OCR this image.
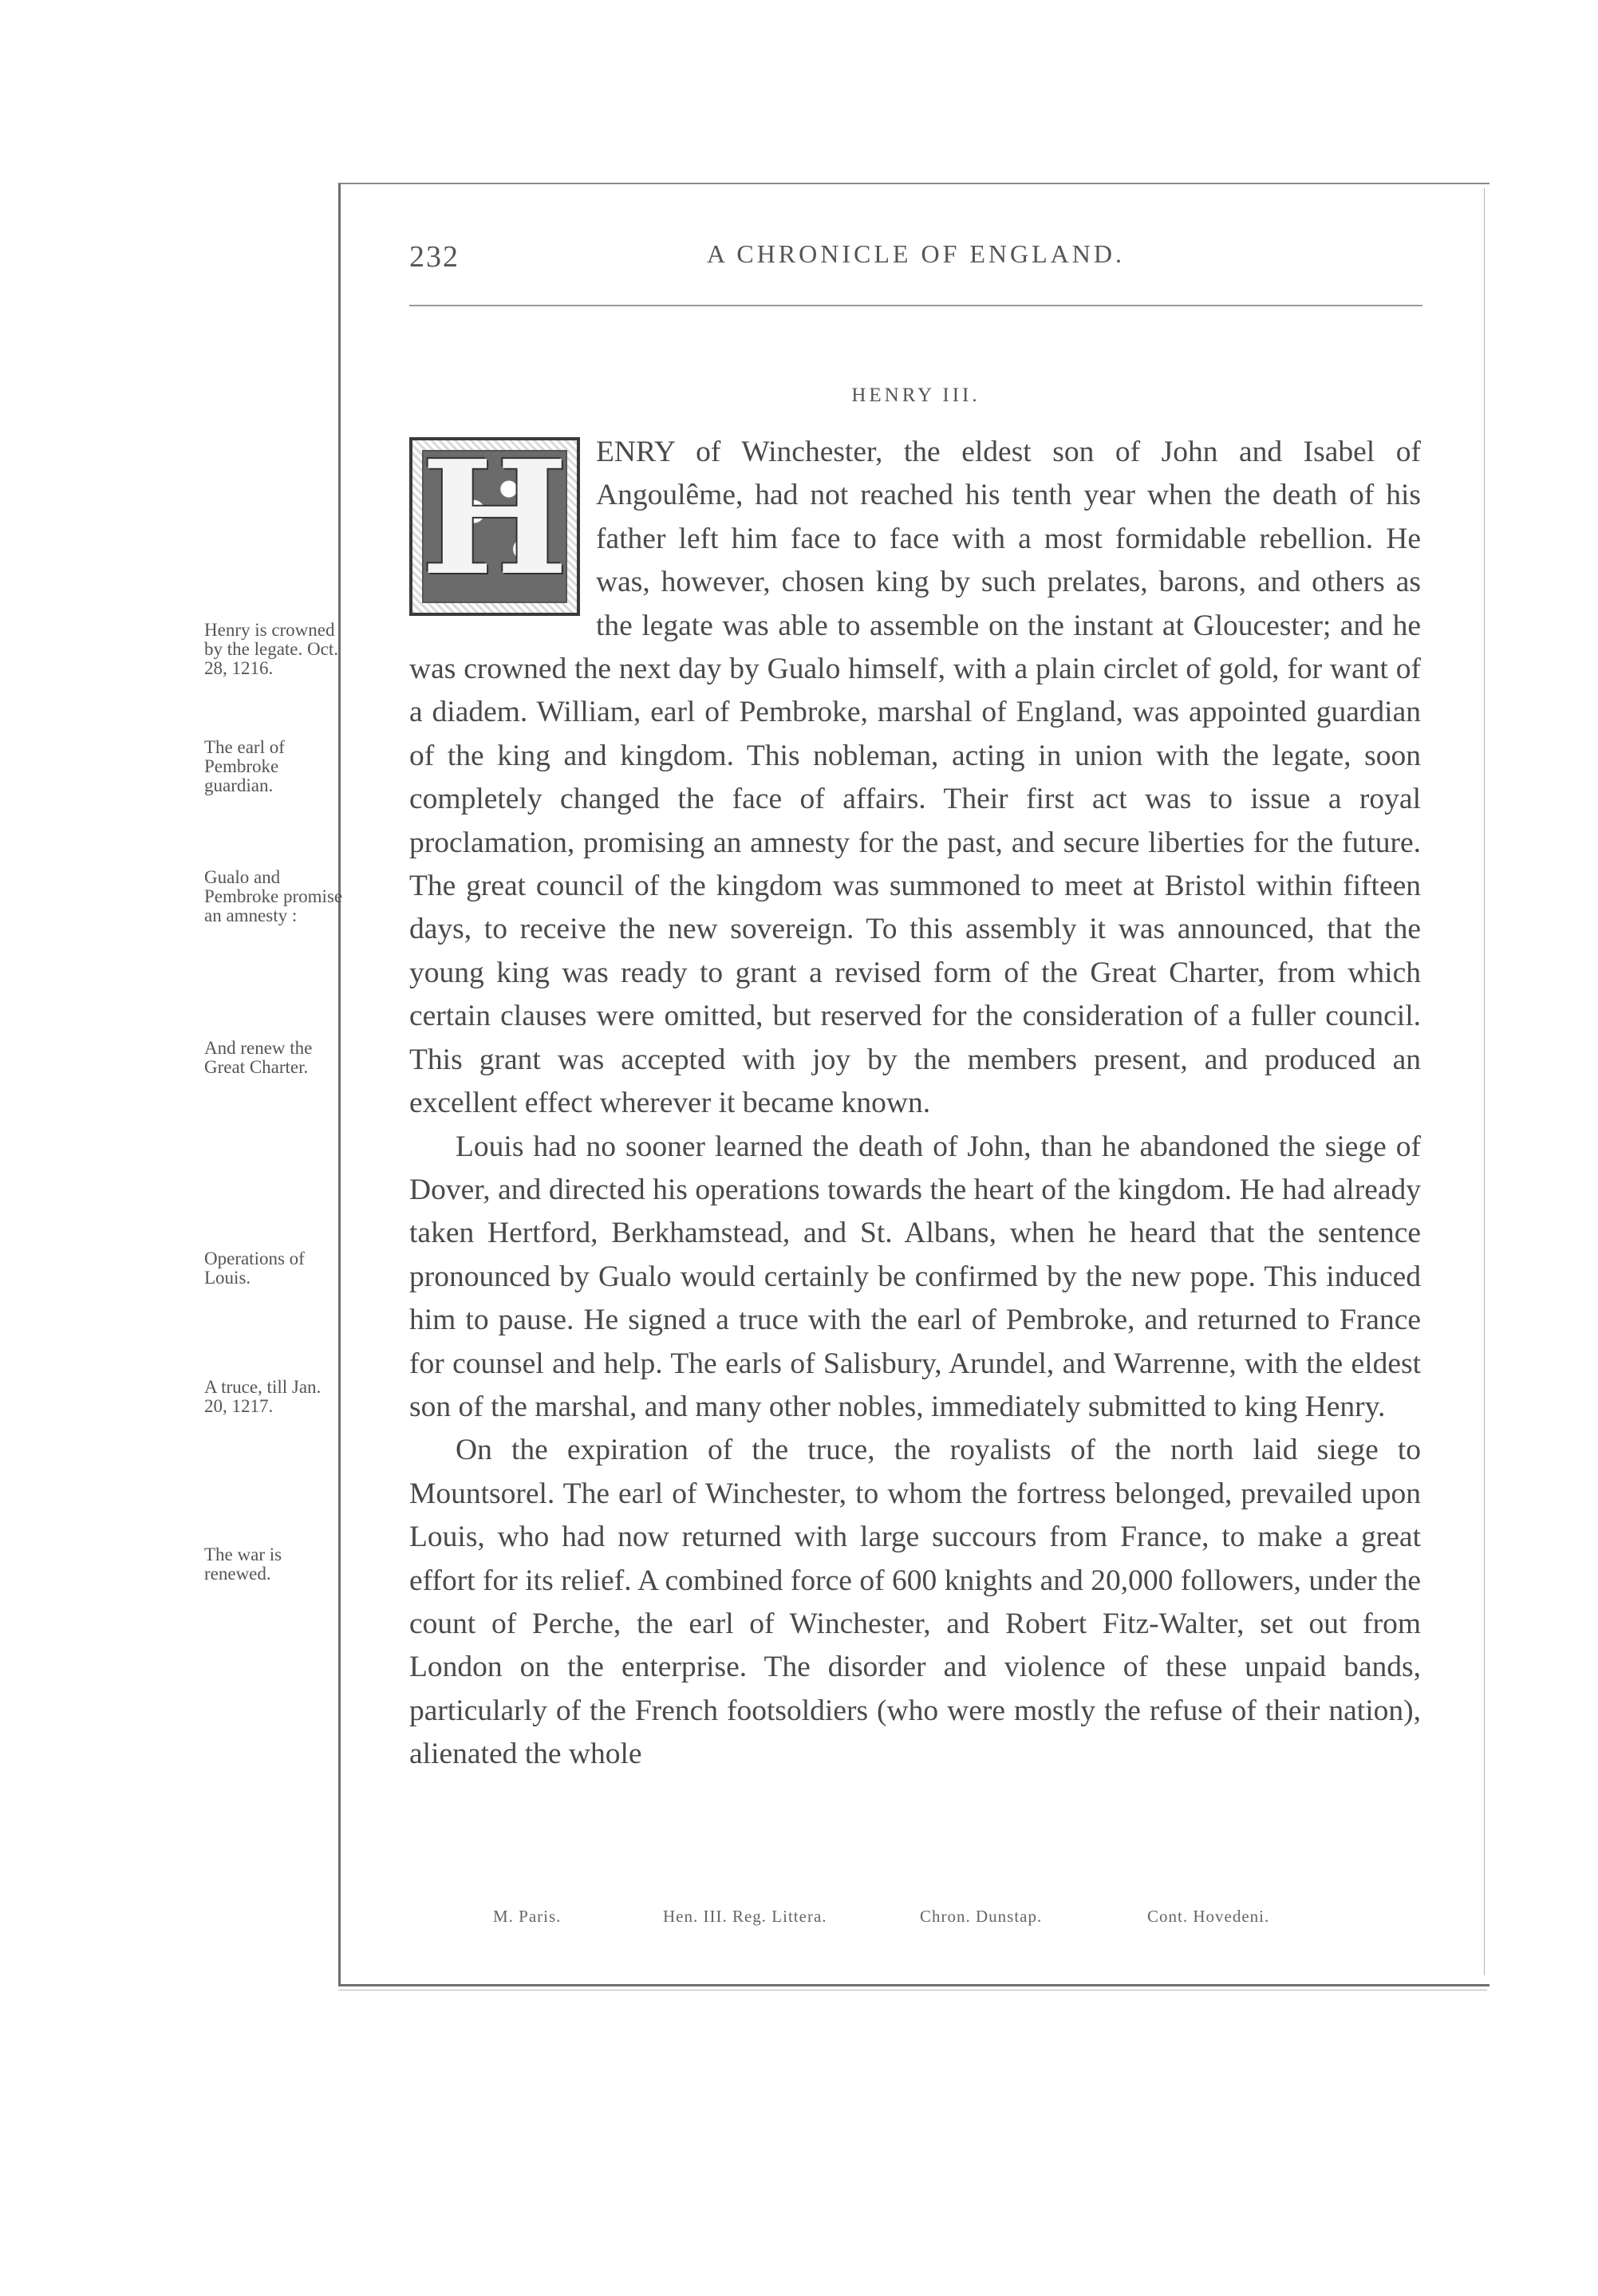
232	A CHRONICLE OF ENGLAND.
HENRY III.
H ENRY of Winchester, the eldest son of John and Isabel of Angoulême, had not reached his tenth year when the death of his father left him face to face with a most formidable rebellion. He was, however, chosen king by such prelates, barons, and others as the legate was able to assemble on the instant at Gloucester; and he was crowned the next day by Gualo himself, with a plain circlet of gold, for want of a diadem. William, earl of Pembroke, marshal of England, was appointed guardian of the king and kingdom. This nobleman, acting in union with the legate, soon completely changed the face of affairs. Their first act was to issue a royal proclamation, promising an amnesty for the past, and secure liberties for the future. The great council of the kingdom was summoned to meet at Bristol within fifteen days, to receive the new sovereign. To this assembly it was announced, that the young king was ready to grant a revised form of the Great Charter, from which certain clauses were omitted, but reserved for the consideration of a fuller council. This grant was accepted with joy by the members present, and produced an excellent effect wherever it became known.

Louis had no sooner learned the death of John, than he abandoned the siege of Dover, and directed his operations towards the heart of the kingdom. He had already taken Hertford, Berkhamstead, and St. Albans, when he heard that the sentence pronounced by Gualo would certainly be confirmed by the new pope. This induced him to pause. He signed a truce with the earl of Pembroke, and returned to France for counsel and help. The earls of Salisbury, Arundel, and Warrenne, with the eldest son of the marshal, and many other nobles, immediately submitted to king Henry.

On the expiration of the truce, the royalists of the north laid siege to Mountsorel. The earl of Winchester, to whom the fortress belonged, prevailed upon Louis, who had now returned with large succours from France, to make a great effort for its relief. A combined force of 600 knights and 20,000 followers, under the count of Perche, the earl of Winchester, and Robert Fitz-Walter, set out from London on the enterprise. The disorder and violence of these unpaid bands, particularly of the French footsoldiers (who were mostly the refuse of their nation), alienated the whole

Henry is crowned by the legate. Oct. 28, 1216.
The earl of Pembroke guardian.
Gualo and Pembroke promise an amnesty :
And renew the Great Charter.
Operations of Louis.
A truce, till Jan. 20, 1217.
The war is renewed.
M. Paris.	Hen. III. Reg. Littera.	Chron. Dunstap.	Cont. Hovedeni.
